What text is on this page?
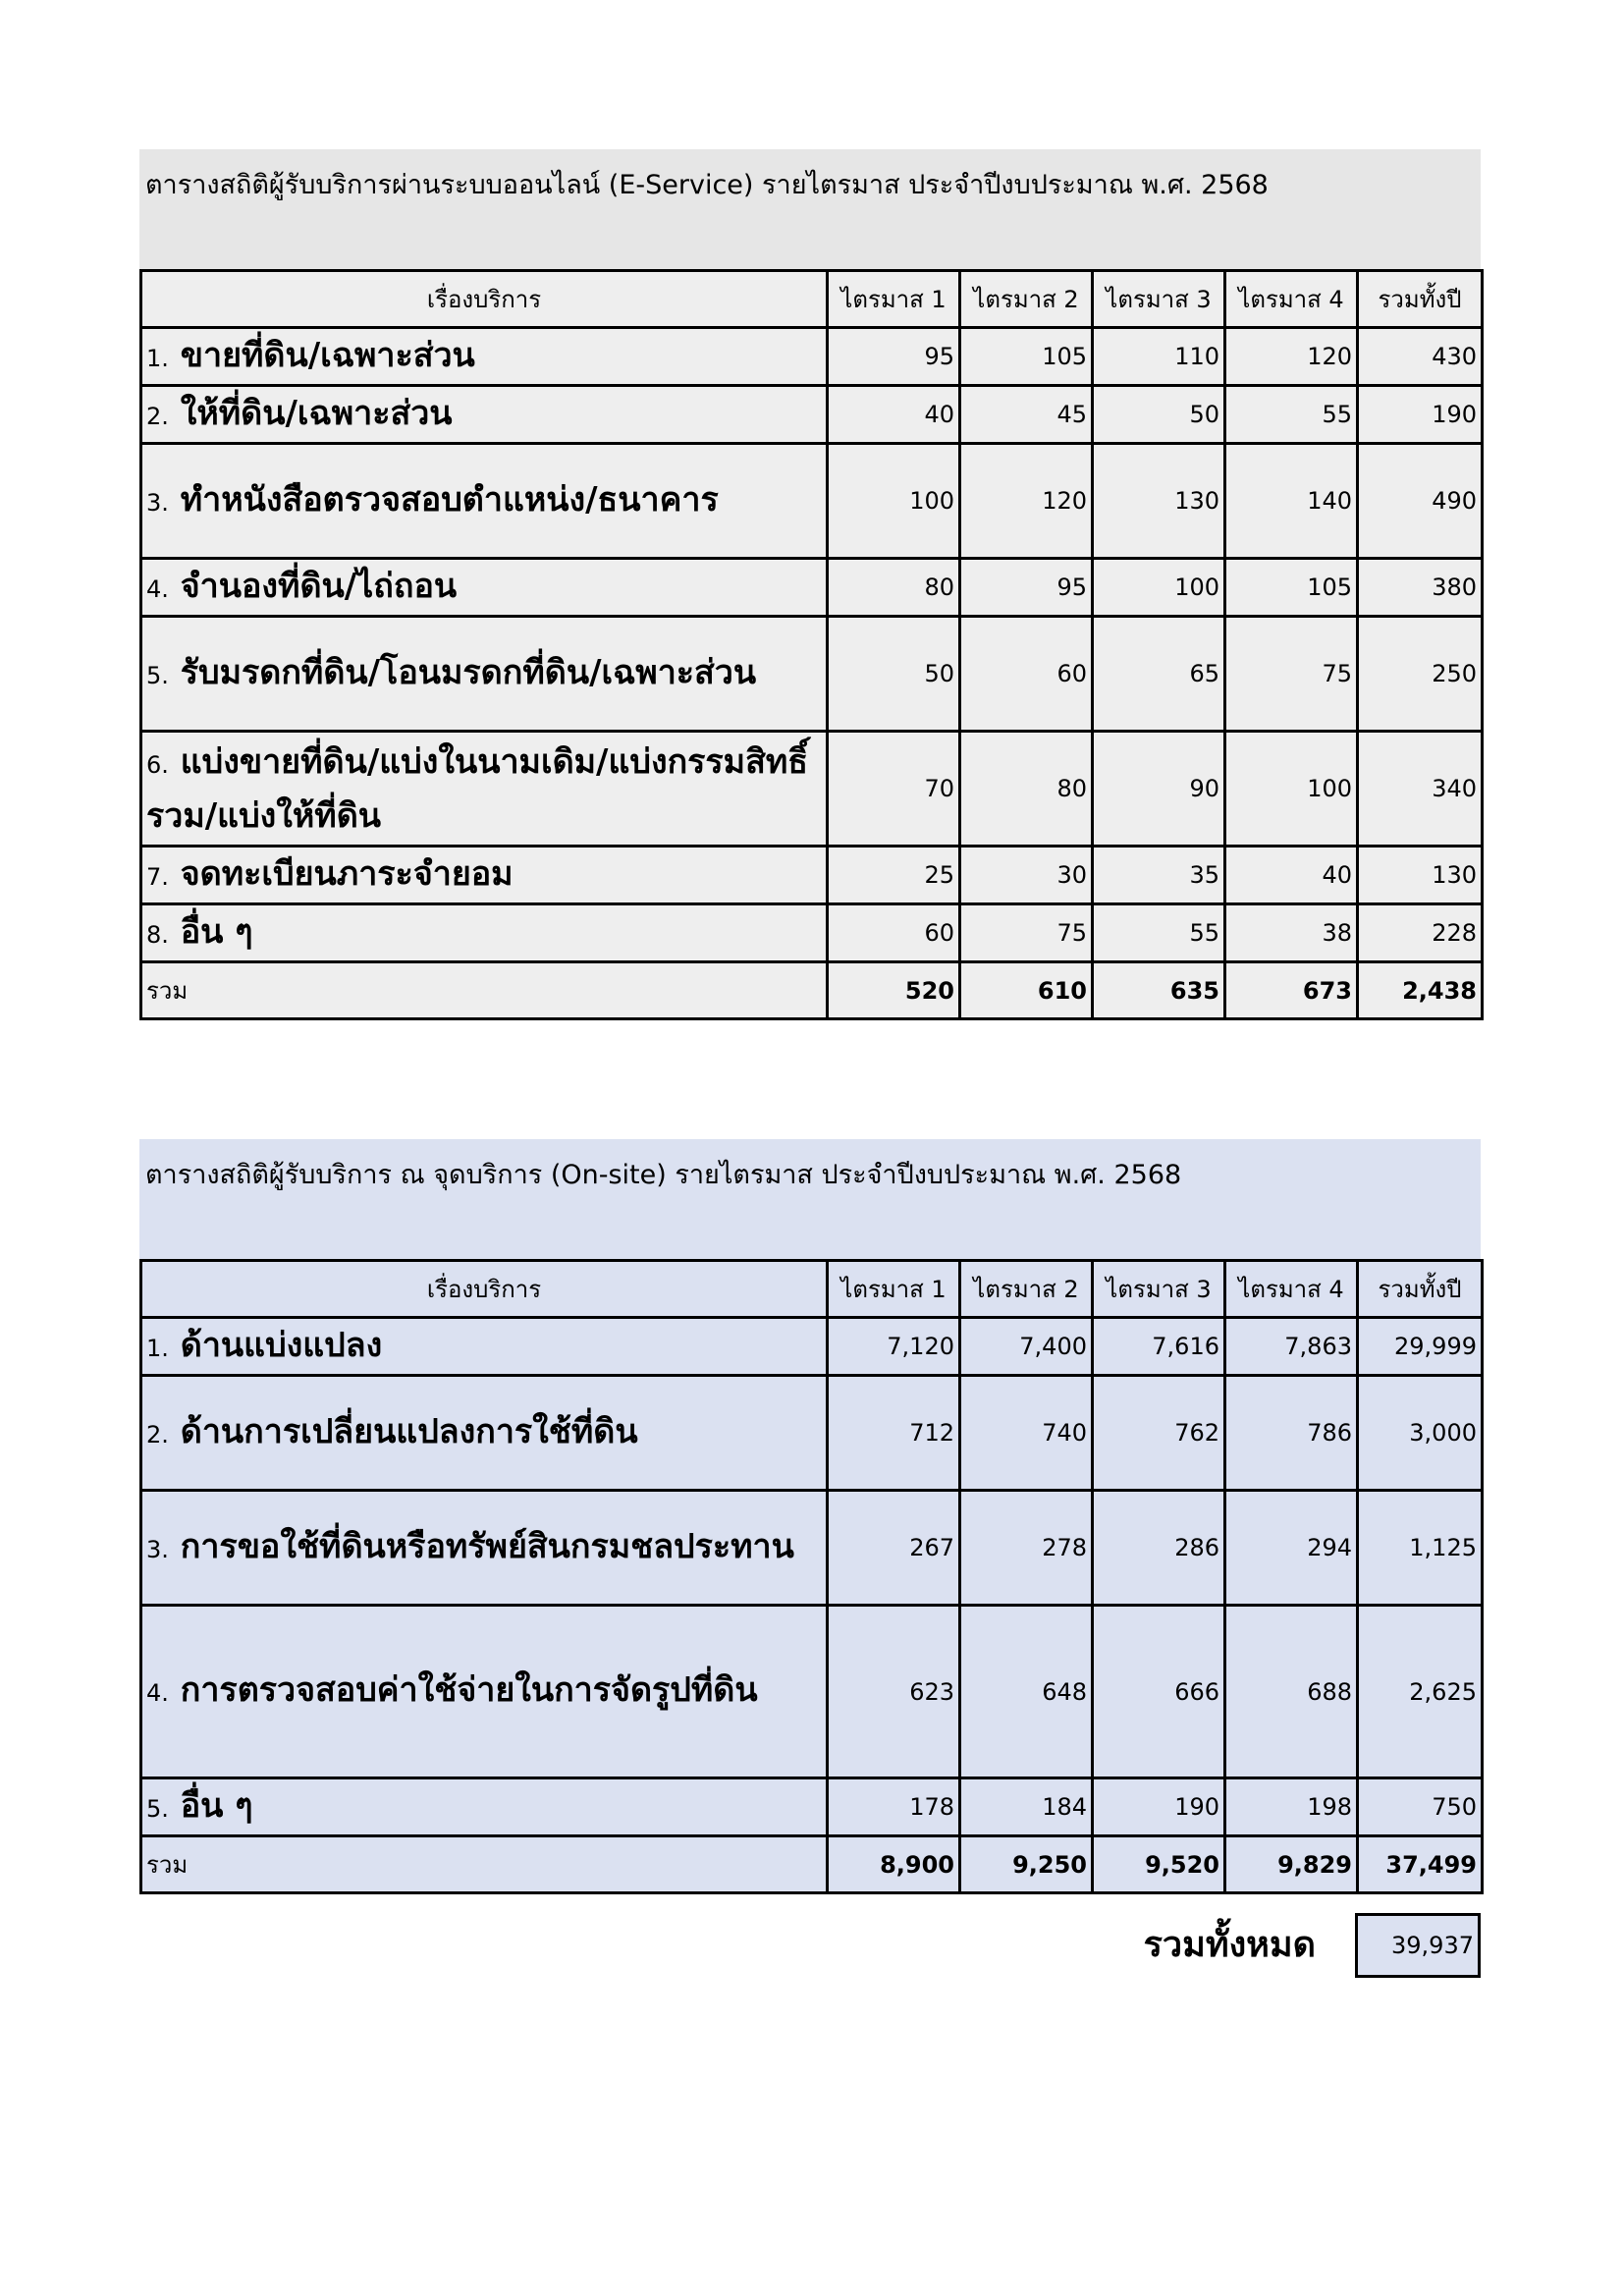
ตารางสถิติผู้รับบริการผ่านระบบออนไลน์ (E-Service) รายไตรมาส ประจำปีงบประมาณ พ.ศ. 2568
เรื่องบริการ	ไตรมาส 1	ไตรมาส 2	ไตรมาส 3	ไตรมาส 4	รวมทั้งปี
1. ขายที่ดิน/เฉพาะส่วน	95	105	110	120	430
2. ให้ที่ดิน/เฉพาะส่วน	40	45	50	55	190
3. ทำหนังสือตรวจสอบตำแหน่ง/ธนาคาร	100	120	130	140	490
4. จำนองที่ดิน/ไถ่ถอน	80	95	100	105	380
5. รับมรดกที่ดิน/โอนมรดกที่ดิน/เฉพาะส่วน	50	60	65	75	250
6. แบ่งขายที่ดิน/แบ่งในนามเดิม/แบ่งกรรมสิทธิ์รวม/แบ่งให้ที่ดิน	70	80	90	100	340
7. จดทะเบียนภาระจำยอม	25	30	35	40	130
8. อื่น ๆ	60	75	55	38	228
รวม	520	610	635	673	2,438
ตารางสถิติผู้รับบริการ ณ จุดบริการ (On-site) รายไตรมาส ประจำปีงบประมาณ พ.ศ. 2568
เรื่องบริการ	ไตรมาส 1	ไตรมาส 2	ไตรมาส 3	ไตรมาส 4	รวมทั้งปี
1. ด้านแบ่งแปลง	7,120	7,400	7,616	7,863	29,999
2. ด้านการเปลี่ยนแปลงการใช้ที่ดิน	712	740	762	786	3,000
3. การขอใช้ที่ดินหรือทรัพย์สินกรมชลประทาน	267	278	286	294	1,125
4. การตรวจสอบค่าใช้จ่ายในการจัดรูปที่ดิน	623	648	666	688	2,625
5. อื่น ๆ	178	184	190	198	750
รวม	8,900	9,250	9,520	9,829	37,499
รวมทั้งหมด	39,937
